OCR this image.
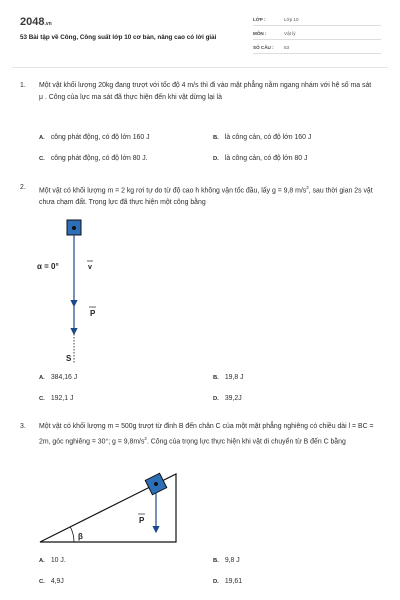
2048.vn
53 Bài tập về Công, Công suất lớp 10 cơ bản, nâng cao có lời giải
LỚP :	Lớp 10
MÔN :	Vật lý
SỐ CÂU : 53
1. Một vật khối lượng 20kg đang trượt với tốc độ 4 m/s thì đi vào mặt phẳng nằm ngang nhám với hệ số ma sát μ . Công của lực ma sát đã thực hiện đến khi vật dừng lại là
A. công phát động, có độ lớn 160 J	B. là công cản, có độ lớn 160 J
C. công phát động, có độ lớn 80 J.	D. là công cản, có độ lớn 80 J
2. Một vật có khối lượng m = 2 kg rơi tự do từ độ cao h không vận tốc đầu, lấy g = 9,8 $m/s^2$, sau thời gian 2s vật chưa chạm đất. Trọng lực đã thực hiện một công bằng
α = 0°	v
P
S
A. 384,16 J	B. 19,8 J
C. 192,1 J	D. 39,2J
3. Một vật có khối lượng m = 500g trượt từ đỉnh B đến chân C của một mặt phẳng nghiêng có chiều dài l = BC = 2m, góc nghiêng = 30°; $g = 9,8m/s^2$. Công của trọng lực thực hiện khi vật di chuyển từ B đến C bằng
P
β
A. 10 J.	B. 9,8 J
C. 4,9J	D. 19,61
